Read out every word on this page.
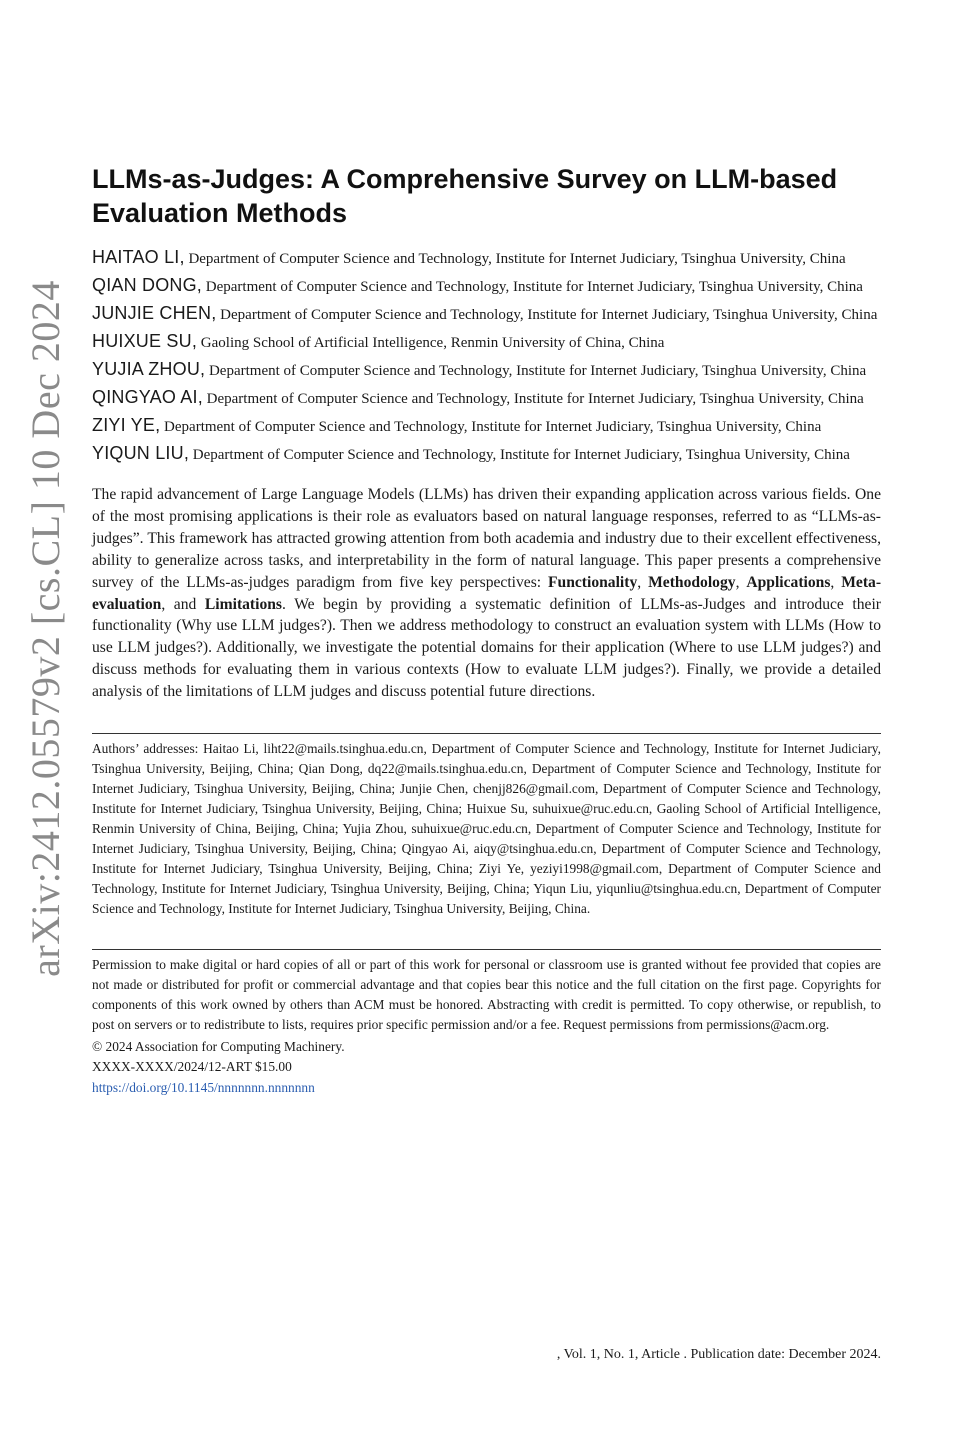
arXiv:2412.05579v2 [cs.CL] 10 Dec 2024
LLMs-as-Judges: A Comprehensive Survey on LLM-based Evaluation Methods

HAITAO LI, Department of Computer Science and Technology, Institute for Internet Judiciary, Tsinghua University, China

QIAN DONG, Department of Computer Science and Technology, Institute for Internet Judiciary, Tsinghua University, China

JUNJIE CHEN, Department of Computer Science and Technology, Institute for Internet Judiciary, Tsinghua University, China

HUIXUE SU, Gaoling School of Artificial Intelligence, Renmin University of China, China

YUJIA ZHOU, Department of Computer Science and Technology, Institute for Internet Judiciary, Tsinghua University, China

QINGYAO AI, Department of Computer Science and Technology, Institute for Internet Judiciary, Tsinghua University, China

ZIYI YE, Department of Computer Science and Technology, Institute for Internet Judiciary, Tsinghua University, China

YIQUN LIU, Department of Computer Science and Technology, Institute for Internet Judiciary, Tsinghua University, China

The rapid advancement of Large Language Models (LLMs) has driven their expanding application across various fields. One of the most promising applications is their role as evaluators based on natural language responses, referred to as “LLMs-as-judges”. This framework has attracted growing attention from both academia and industry due to their excellent effectiveness, ability to generalize across tasks, and interpretability in the form of natural language. This paper presents a comprehensive survey of the LLMs-as-judges paradigm from five key perspectives: Functionality, Methodology, Applications, Meta-evaluation, and Limitations. We begin by providing a systematic definition of LLMs-as-Judges and introduce their functionality (Why use LLM judges?). Then we address methodology to construct an evaluation system with LLMs (How to use LLM judges?). Additionally, we investigate the potential domains for their application (Where to use LLM judges?) and discuss methods for evaluating them in various contexts (How to evaluate LLM judges?). Finally, we provide a detailed analysis of the limitations of LLM judges and discuss potential future directions.

Authors’ addresses: Haitao Li, liht22@mails.tsinghua.edu.cn, Department of Computer Science and Technology, Institute for Internet Judiciary, Tsinghua University, Beijing, China; Qian Dong, dq22@mails.tsinghua.edu.cn, Department of Computer Science and Technology, Institute for Internet Judiciary, Tsinghua University, Beijing, China; Junjie Chen, chenjj826@gmail.com, Department of Computer Science and Technology, Institute for Internet Judiciary, Tsinghua University, Beijing, China; Huixue Su, suhuixue@ruc.edu.cn, Gaoling School of Artificial Intelligence, Renmin University of China, Beijing, China; Yujia Zhou, suhuixue@ruc.edu.cn, Department of Computer Science and Technology, Institute for Internet Judiciary, Tsinghua University, Beijing, China; Qingyao Ai, aiqy@tsinghua.edu.cn, Department of Computer Science and Technology, Institute for Internet Judiciary, Tsinghua University, Beijing, China; Ziyi Ye, yeziyi1998@gmail.com, Department of Computer Science and Technology, Institute for Internet Judiciary, Tsinghua University, Beijing, China; Yiqun Liu, yiqunliu@tsinghua.edu.cn, Department of Computer Science and Technology, Institute for Internet Judiciary, Tsinghua University, Beijing, China.

Permission to make digital or hard copies of all or part of this work for personal or classroom use is granted without fee provided that copies are not made or distributed for profit or commercial advantage and that copies bear this notice and the full citation on the first page. Copyrights for components of this work owned by others than ACM must be honored. Abstracting with credit is permitted. To copy otherwise, or republish, to post on servers or to redistribute to lists, requires prior specific permission and/or a fee. Request permissions from permissions@acm.org.

© 2024 Association for Computing Machinery.

XXXX-XXXX/2024/12-ART $15.00

https://doi.org/10.1145/nnnnnnn.nnnnnnn

, Vol. 1, No. 1, Article . Publication date: December 2024.
